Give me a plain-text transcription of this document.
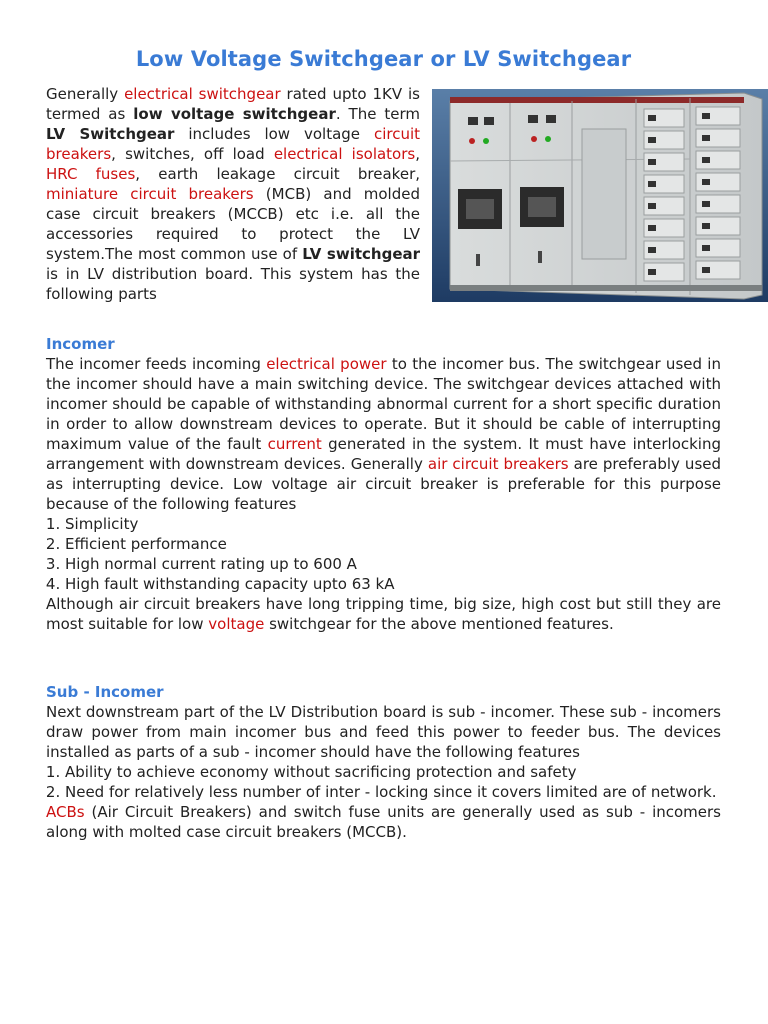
Low Voltage Switchgear or LV Switchgear
Generally electrical switchgear rated upto 1KV is termed as low voltage switchgear. The term LV Switchgear includes low voltage circuit breakers, switches, off load electrical isolators, HRC fuses, earth leakage circuit breaker, miniature circuit breakers (MCB) and molded case circuit breakers (MCCB) etc i.e. all the accessories required to protect the LV system.The most common use of LV switchgear is in LV distribution board. This system has the following parts
Incomer
The incomer feeds incoming electrical power to the incomer bus. The switchgear used in the incomer should have a main switching device. The switchgear devices attached with incomer should be capable of withstanding abnormal current for a short specific duration in order to allow downstream devices to operate. But it should be cable of interrupting maximum value of the fault current generated in the system. It must have interlocking arrangement with downstream devices. Generally air circuit breakers are preferably used as interrupting device. Low voltage air circuit breaker is preferable for this purpose because of the following features
1. Simplicity
2. Efficient performance
3. High normal current rating up to 600 A
4. High fault withstanding capacity upto 63 kA
Although air circuit breakers have long tripping time, big size, high cost but still they are most suitable for low voltage switchgear for the above mentioned features.
Sub - Incomer
Next downstream part of the LV Distribution board is sub - incomer. These sub - incomers draw power from main incomer bus and feed this power to feeder bus. The devices installed as parts of a sub - incomer should have the following features
1. Ability to achieve economy without sacrificing protection and safety
2. Need for relatively less number of inter - locking since it covers limited are of network.
ACBs (Air Circuit Breakers) and switch fuse units are generally used as sub - incomers along with molted case circuit breakers (MCCB).
